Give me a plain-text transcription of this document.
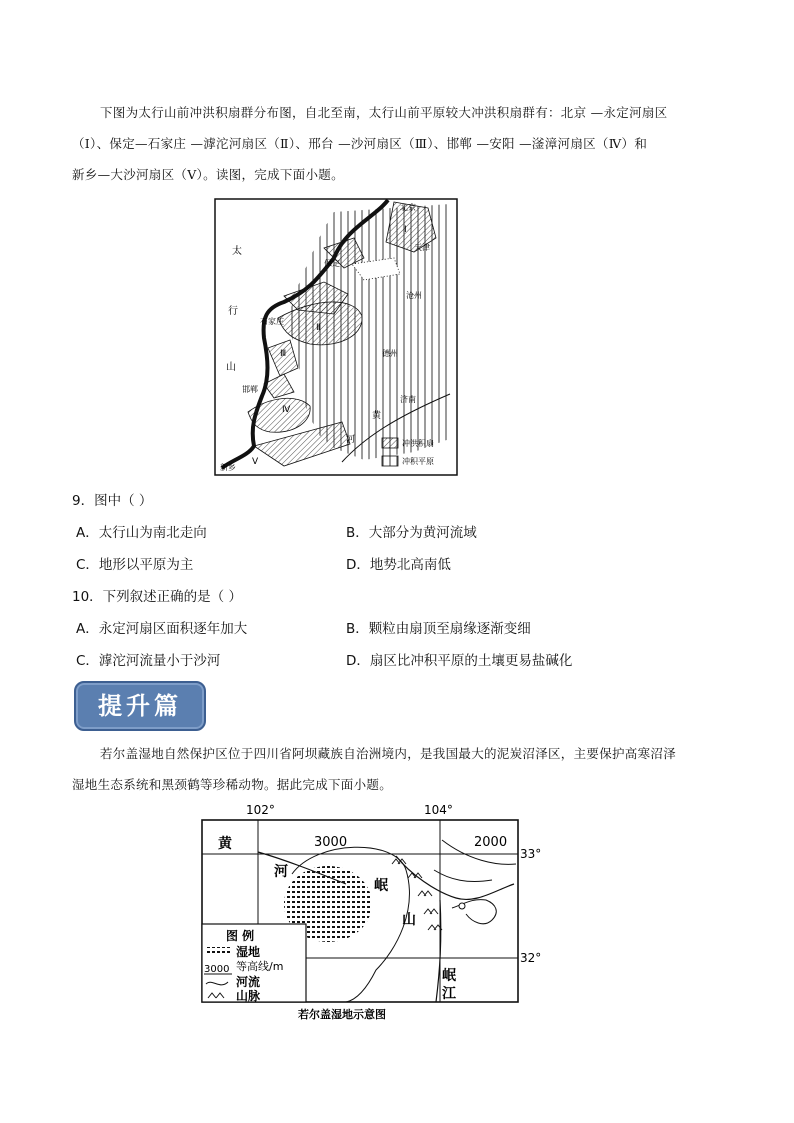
下图为太行山前冲洪积扇群分布图，自北至南，太行山前平原较大冲洪积扇群有：北京 —永定河扇区
（Ⅰ）、保定—石家庄 —滹沱河扇区（Ⅱ）、邢台 —沙河扇区（Ⅲ）、邯郸 —安阳 —滏漳河扇区（Ⅳ）和
新乡—大沙河扇区（Ⅴ）。读图，完成下面小题。
太
行
山
北京
天津
保定
沧州
石家庄
德州
邯郸
济南
新乡
Ⅰ
Ⅱ
Ⅲ
Ⅳ
Ⅴ
黄
河	冲洪积扇
冲积平原
9．图中（ ）
A．太行山为南北走向	B．大部分为黄河流域
C．地形以平原为主	D．地势北高南低
10．下列叙述正确的是（ ）
A．永定河扇区面积逐年加大	B．颗粒由扇顶至扇缘逐渐变细
C．滹沱河流量小于沙河	D．扇区比冲积平原的土壤更易盐碱化
提升篇
若尔盖湿地自然保护区位于四川省阿坝藏族自治洲境内，是我国最大的泥炭沼泽区，主要保护高寒沼泽
湿地生态系统和黑颈鹤等珍稀动物。据此完成下面小题。
102°	104°
33°
32°
3000	2000
黄
河
岷
山
岷
江
图 例
湿地
3000 等高线/m
河流
山脉
若尔盖湿地示意图
